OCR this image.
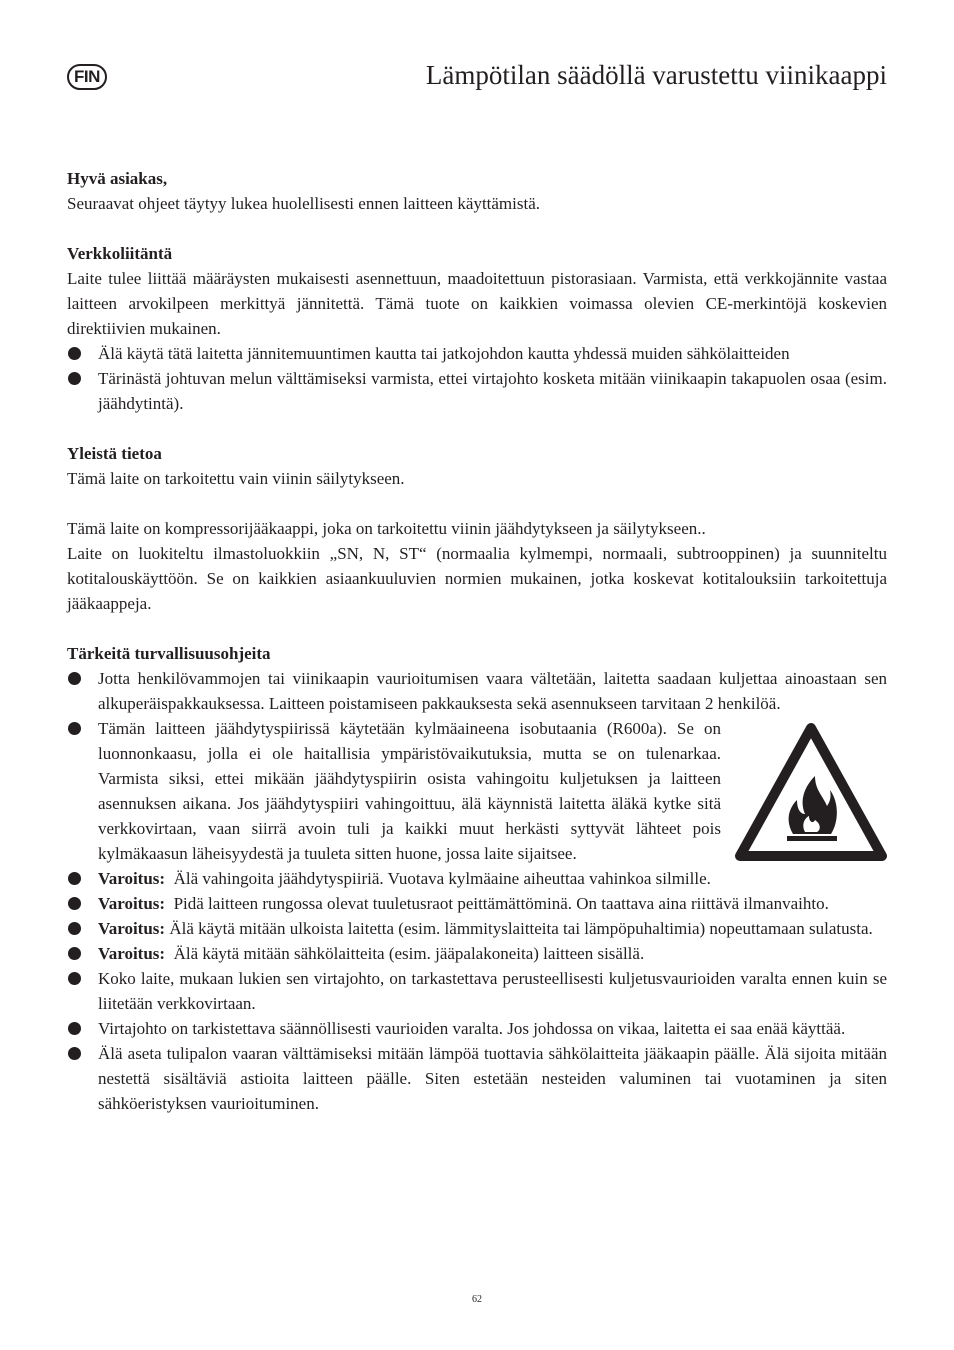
FIN	Lämpötilan säädöllä varustettu viinikaappi

Hyvä asiakas,

Seuraavat ohjeet täytyy lukea huolellisesti ennen laitteen käyttämistä.

Verkkoliitäntä

Laite tulee liittää määräysten mukaisesti asennettuun, maadoitettuun pistorasiaan. Varmista, että verkkojännite vastaa laitteen arvokilpeen merkittyä jännitettä. Tämä tuote on kaikkien voimassa olevien CE-merkintöjä koskevien direktiivien mukainen.

Älä käytä tätä laitetta jännitemuuntimen kautta tai jatkojohdon kautta yhdessä muiden sähkölaitteiden
Tärinästä johtuvan melun välttämiseksi varmista, ettei virtajohto kosketa mitään viinikaapin takapuolen osaa (esim. jäähdytintä).

Yleistä tietoa

Tämä laite on tarkoitettu vain viinin säilytykseen.

Tämä laite on kompressorijääkaappi, joka on tarkoitettu viinin jäähdytykseen ja säilytykseen..

Laite on luokiteltu ilmastoluokkiin „SN, N, ST“ (normaalia kylmempi, normaali, subtrooppinen) ja suunniteltu kotitalouskäyttöön. Se on kaikkien asiaankuuluvien normien mukainen, jotka koskevat kotitalouksiin tarkoitettuja jääkaappeja.

Tärkeitä turvallisuusohjeita

Jotta henkilövammojen tai viinikaapin vaurioitumisen vaara vältetään, laitetta saadaan kuljettaa ainoastaan sen alkuperäispakkauksessa. Laitteen poistamiseen pakkauksesta sekä asennukseen tarvitaan 2 henkilöä.
Tämän laitteen jäähdytyspiirissä käytetään kylmäaineena isobutaania (R600a). Se on luonnonkaasu, jolla ei ole haitallisia ympäristövaikutuksia, mutta se on tulenarkaa. Varmista siksi, ettei mikään jäähdytyspiirin osista vahingoitu kuljetuksen ja laitteen asennuksen aikana. Jos jäähdytyspiiri vahingoittuu, älä käynnistä laitetta äläkä kytke sitä verkkovirtaan, vaan siirrä avoin tuli ja kaikki muut herkästi syttyvät lähteet pois kylmäkaasun läheisyydestä ja tuuleta sitten huone, jossa laite sijaitsee.
Varoitus: Älä vahingoita jäähdytyspiiriä. Vuotava kylmäaine aiheuttaa vahinkoa silmille.
Varoitus: Pidä laitteen rungossa olevat tuuletusraot peittämättöminä. On taattava aina riittävä ilmanvaihto.
Varoitus: Älä käytä mitään ulkoista laitetta (esim. lämmityslaitteita tai lämpöpuhaltimia) nopeuttamaan sulatusta.
Varoitus: Älä käytä mitään sähkölaitteita (esim. jääpalakoneita) laitteen sisällä.
Koko laite, mukaan lukien sen virtajohto, on tarkastettava perusteellisesti kuljetusvaurioiden varalta ennen kuin se liitetään verkkovirtaan.
Virtajohto on tarkistettava säännöllisesti vaurioiden varalta. Jos johdossa on vikaa, laitetta ei saa enää käyttää.
Älä aseta tulipalon vaaran välttämiseksi mitään lämpöä tuottavia sähkölaitteita jääkaapin päälle. Älä sijoita mitään nestettä sisältäviä astioita laitteen päälle. Siten estetään nesteiden valuminen tai vuotaminen ja siten sähköeristyksen vaurioituminen.
62
